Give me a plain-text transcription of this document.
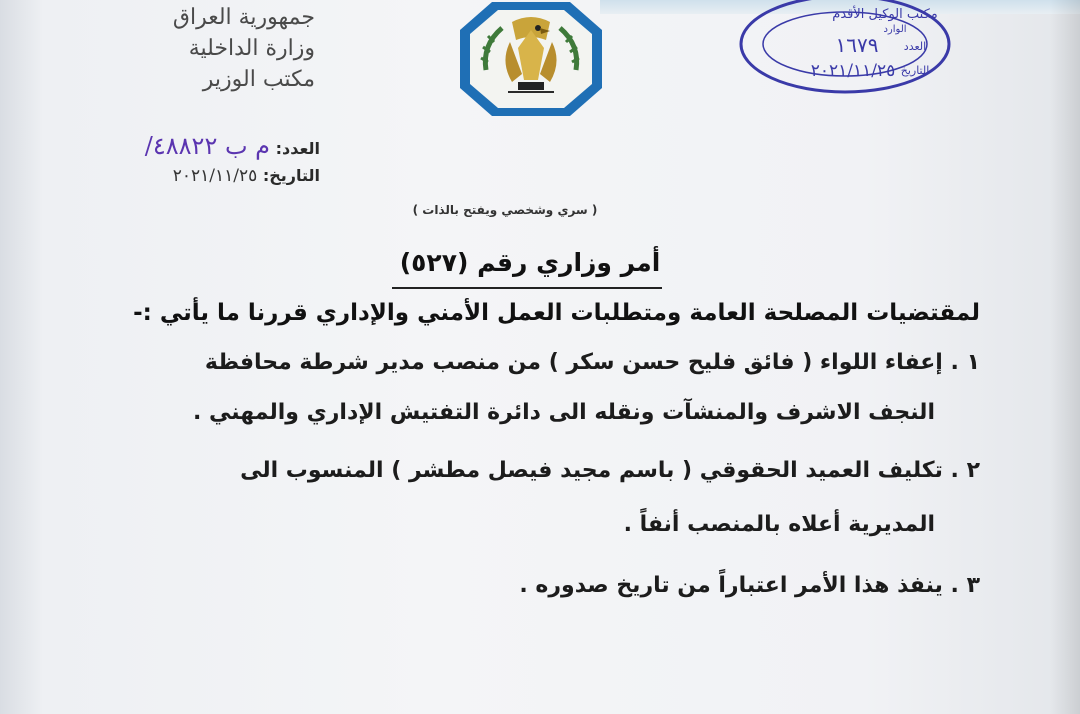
جمهورية العراق
وزارة الداخلية
مكتب الوزير
العدد: م ب ٤٨٨٢٢/
التاريخ: ٢٠٢١/١١/٢٥
مكتب الوكيل الأقدم
الوارد
العدد
١٦٧٩
التاريخ
٢٠٢١/١١/٢٥
( سري وشخصي ويفتح بالذات )
أمر وزاري رقم (٥٢٧)
لمقتضيات المصلحة العامة ومتطلبات العمل الأمني والإداري قررنا ما يأتي :-
١ . إعفاء اللواء ( فائق فليح حسن سكر ) من منصب مدير شرطة محافظة
النجف الاشرف والمنشآت ونقله الى دائرة التفتيش الإداري والمهني .
٢ . تكليف العميد الحقوقي ( باسم مجيد فيصل مطشر ) المنسوب الى
المديرية أعلاه بالمنصب أنفاً .
٣ . ينفذ هذا الأمر اعتباراً من تاريخ صدوره .
